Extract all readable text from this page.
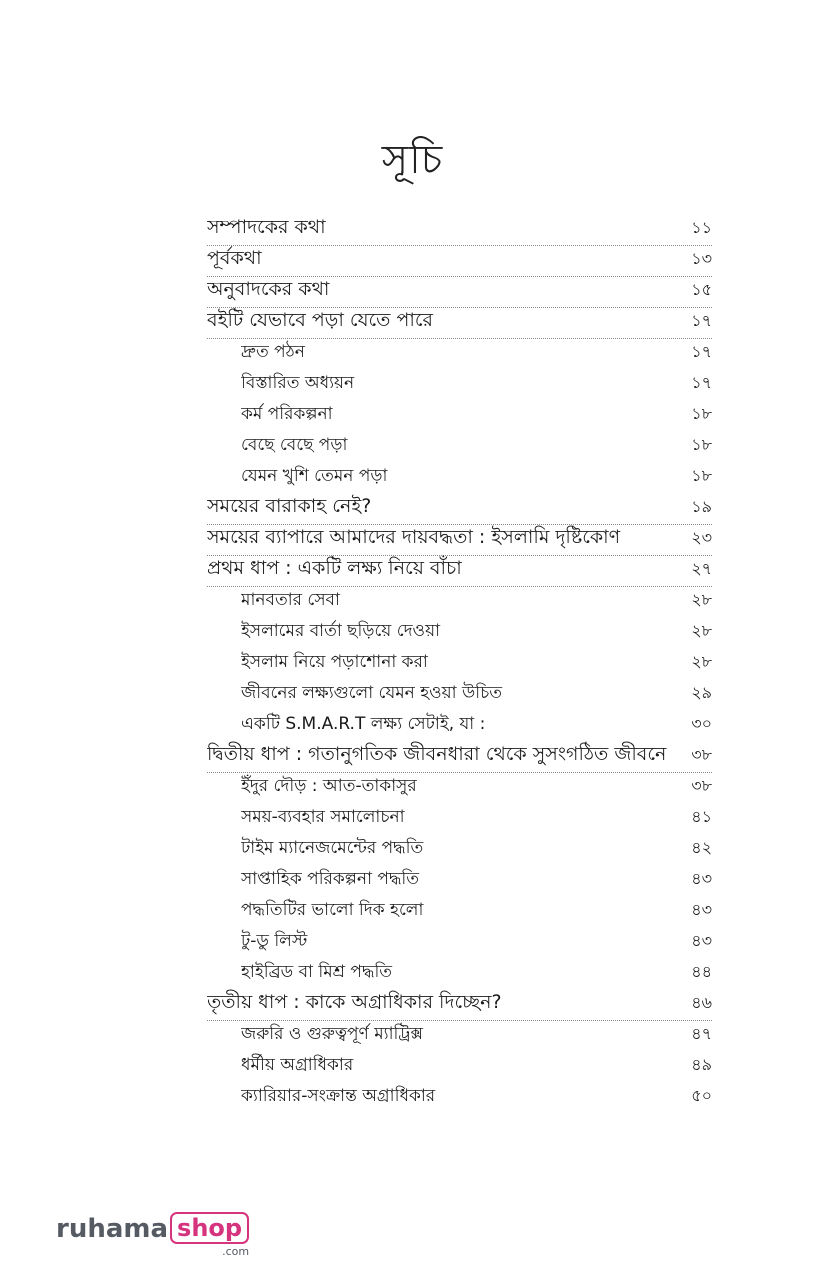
সূচি
সম্পাদকের কথা	১১
পূর্বকথা	১৩
অনুবাদকের কথা	১৫
বইটি যেভাবে পড়া যেতে পারে	১৭
দ্রুত পঠন	১৭
বিস্তারিত অধ্যয়ন	১৭
কর্ম পরিকল্পনা	১৮
বেছে বেছে পড়া	১৮
যেমন খুশি তেমন পড়া	১৮
সময়ের বারাকাহ নেই?	১৯
সময়ের ব্যাপারে আমাদের দায়বদ্ধতা : ইসলামি দৃষ্টিকোণ	২৩
প্রথম ধাপ : একটি লক্ষ্য নিয়ে বাঁচা	২৭
মানবতার সেবা	২৮
ইসলামের বার্তা ছড়িয়ে দেওয়া	২৮
ইসলাম নিয়ে পড়াশোনা করা	২৮
জীবনের লক্ষ্যগুলো যেমন হওয়া উচিত	২৯
একটি S.M.A.R.T লক্ষ্য সেটাই, যা :	৩০
দ্বিতীয় ধাপ : গতানুগতিক জীবনধারা থেকে সুসংগঠিত জীবনে	৩৮
ইঁদুর দৌড় : আত-তাকাসুর	৩৮
সময়-ব্যবহার সমালোচনা	৪১
টাইম ম্যানেজমেন্টের পদ্ধতি	৪২
সাপ্তাহিক পরিকল্পনা পদ্ধতি	৪৩
পদ্ধতিটির ভালো দিক হলো	৪৩
টু-ডু লিস্ট	৪৩
হাইব্রিড বা মিশ্র পদ্ধতি	৪৪
তৃতীয় ধাপ : কাকে অগ্রাধিকার দিচ্ছেন?	৪৬
জরুরি ও গুরুত্বপূর্ণ ম্যাট্রিক্স	৪৭
ধর্মীয় অগ্রাধিকার	৪৯
ক্যারিয়ার-সংক্রান্ত অগ্রাধিকার	৫০
ruhama shop
.com
